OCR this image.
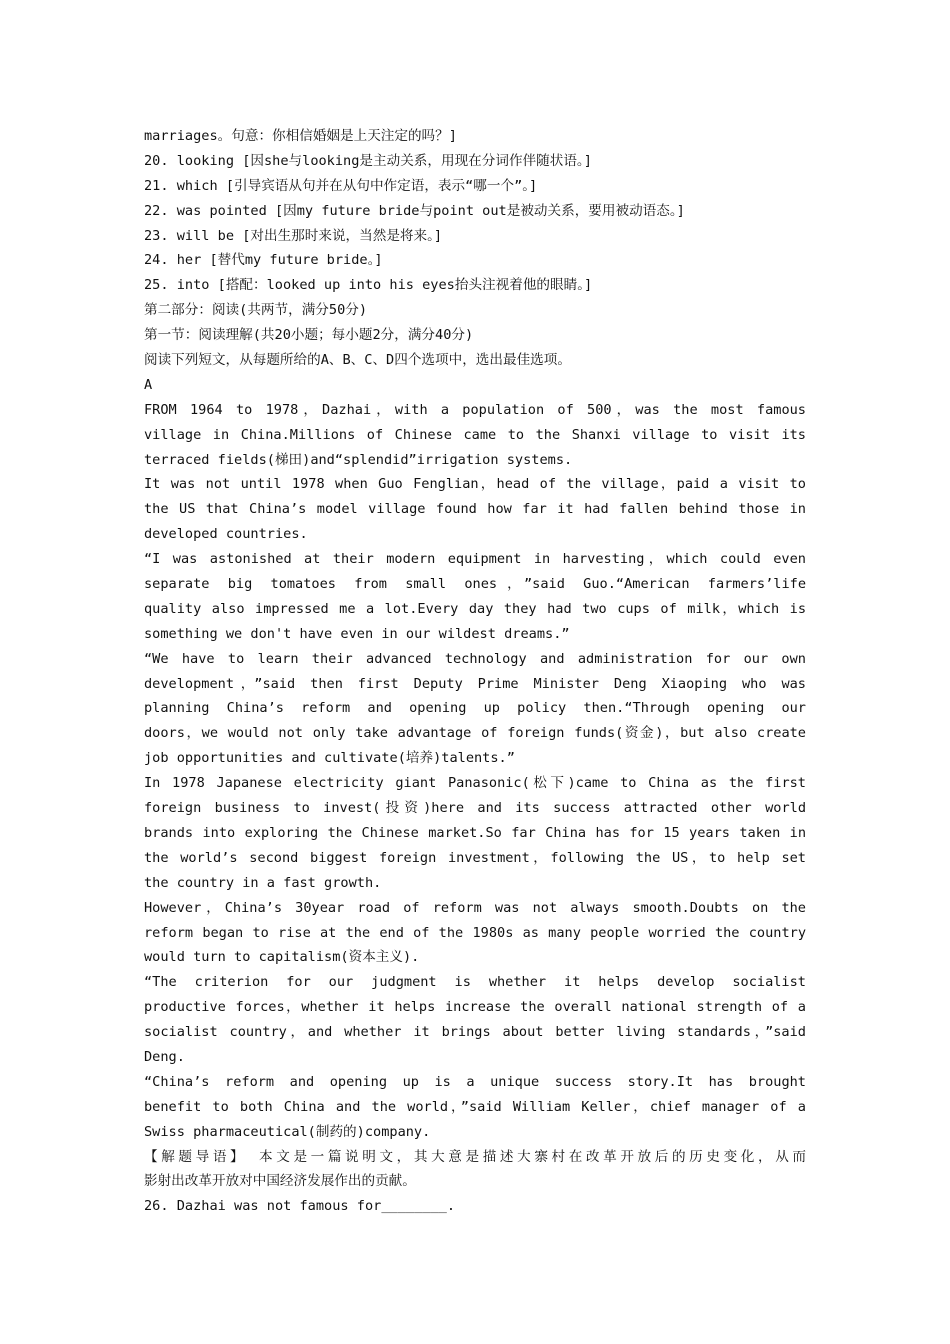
marriages。句意：你相信婚姻是上天注定的吗？]
20. looking [因she与looking是主动关系，用现在分词作伴随状语。]
21. which [引导宾语从句并在从句中作定语，表示“哪一个”。]
22. was pointed [因my future bride与point out是被动关系，要用被动语态。]
23. will be [对出生那时来说，当然是将来。]
24. her [替代my future bride。]
25. into [搭配：looked up into his eyes抬头注视着他的眼睛。]
第二部分：阅读(共两节，满分50分)
第一节：阅读理解(共20小题；每小题2分，满分40分)
阅读下列短文，从每题所给的A、B、C、D四个选项中，选出最佳选项。
A
FROM 1964 to 1978，Dazhai，with a population of 500，was the most famous
village in China.Millions of Chinese came to the Shanxi village to visit its
terraced fields(梯田)and“splendid”irrigation systems.
It was not until 1978 when Guo Fenglian，head of the village，paid a visit to
the US that China’s model village found how far it had fallen behind those in
developed countries.
“I was astonished at their modern equipment in harvesting，which could even
separate big tomatoes from small ones，”said Guo.“American farmers’life
quality also impressed me a lot.Every day they had two cups of milk，which is
something we don't have even in our wildest dreams.”
“We have to learn their advanced technology and administration for our own
development，”said then first Deputy Prime Minister Deng Xiaoping who was
planning China’s reform and opening up policy then.“Through opening our
doors，we would not only take advantage of foreign funds(资金)，but also create
job opportunities and cultivate(培养)talents.”
In 1978 Japanese electricity giant Panasonic(松下)came to China as the first
foreign business to invest(投资)here and its success attracted other world
brands into exploring the Chinese market.So far China has for 15 years taken in
the world’s second biggest foreign investment，following the US，to help set
the country in a fast growth.
However，China’s 30year road of reform was not always smooth.Doubts on the
reform began to rise at the end of the 1980s as many people worried the country
would turn to capitalism(资本主义).
“The criterion for our judgment is whether it helps develop socialist
productive forces，whether it helps increase the overall national strength of a
socialist country，and whether it brings about better living standards，”said
Deng.
“China’s reform and opening up is a unique success story.It has brought
benefit to both China and the world，”said William Keller，chief manager of a
Swiss pharmaceutical(制药的)company.
【解题导语】 本文是一篇说明文，其大意是描述大寨村在改革开放后的历史变化，从而
影射出改革开放对中国经济发展作出的贡献。
26. Dazhai was not famous for________.
